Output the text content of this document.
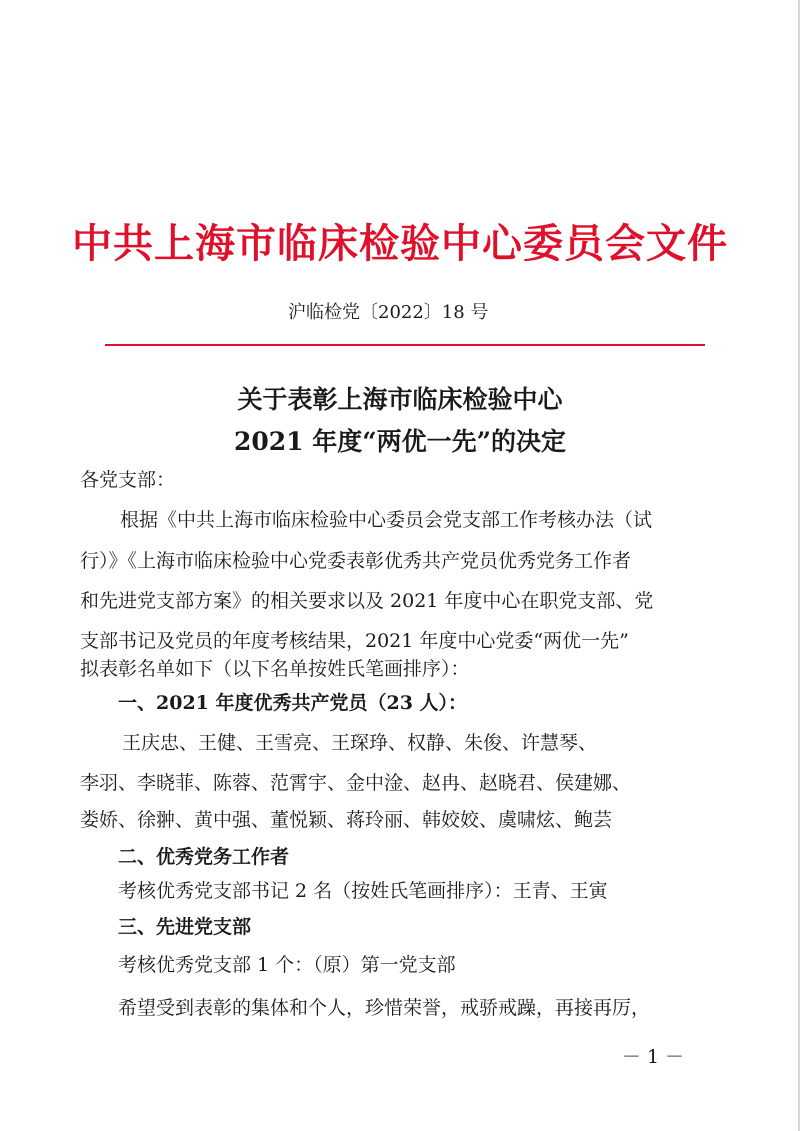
中共上海市临床检验中心委员会文件
沪临检党〔2022〕18 号
关于表彰上海市临床检验中心
2021 年度“两优一先”的决定
各党支部：
根据《中共上海市临床检验中心委员会党支部工作考核办法（试
行）》《上海市临床检验中心党委表彰优秀共产党员优秀党务工作者
和先进党支部方案》的相关要求以及 2021 年度中心在职党支部、党
支部书记及党员的年度考核结果，2021 年度中心党委“两优一先”
拟表彰名单如下（以下名单按姓氏笔画排序）：
一、2021 年度优秀共产党员（23 人）：
王庆忠、王健、王雪亮、王琛琤、权静、朱俊、许慧琴、
李羽、李晓菲、陈蓉、范霄宇、金中淦、赵冉、赵晓君、侯建娜、
娄娇、徐翀、黄中强、董悦颖、蒋玲丽、韩姣姣、虞啸炫、鲍芸
二、优秀党务工作者
考核优秀党支部书记 2 名（按姓氏笔画排序）：王青、王寅
三、先进党支部
考核优秀党支部 1 个：（原）第一党支部
希望受到表彰的集体和个人，珍惜荣誉，戒骄戒躁，再接再厉，
－ 1 －
